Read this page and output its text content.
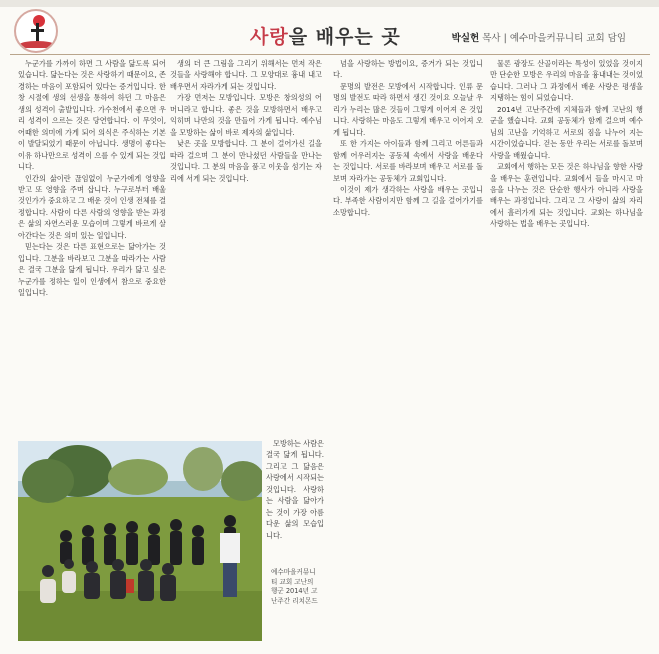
사랑을 배우는 곳	박실헌 목사 | 예수마을커뮤니티 교회 담임

누군가를 가까이 하면 그 사람을 닮도록 되어 있습니다. 닮는다는 것은 사랑하기 때문이요, 존경하는 마음이 포함되어 있다는 증거입니다. 한창 시절에 생의 선생을 통하여 하던 그 마음은 생의 성격이 출발입니다. 가수천에서 좋으면 우리 성격이 으르는 것은 당연합니다. 이 무엇이, 어때한 의미에 가게 되어 의식은 주식하는 기본이 발달되었기 때문이 아닙니다. 생명이 좋다는 이유 하나만으로 성격이 으를 수 있게 되는 것입니다.

인간의 삶이란 끊임없이 누군가에게 영향을 받고 또 영향을 주며 삽니다. 누구로부터 배울 것인가가 중요하고 그 배운 것이 인생 전체를 결정합니다. 사람이 다른 사람의 영향을 받는 과정은 삶의 자연스러운 모습이며 그렇게 바르게 살아간다는 것은 의미 있는 일입니다.

믿는다는 것은 다른 표현으로는 닮아가는 것입니다. 그분을 바라보고 그분을 따라가는 사람은 결국 그분을 닮게 됩니다. 우리가 닮고 싶은 누군가를 정하는 일이 인생에서 참으로 중요한 일입니다.

생의 더 큰 그림을 그리기 위해서는 먼저 작은 것들을 사랑해야 합니다. 그 모양대로 흉내 내고 배우면서 자라가게 되는 것입니다.

가장 먼저는 모방입니다. 모방은 창의성의 어머니라고 합니다. 좋은 것을 모방하면서 배우고 익히며 나만의 것을 만들어 가게 됩니다. 예수님을 모방하는 삶이 바로 제자의 삶입니다.

낮은 곳을 모방합니다. 그 분이 걸어가신 길을 따라 걸으며 그 분이 만나셨던 사람들을 만나는 것입니다. 그 분의 마음을 품고 이웃을 섬기는 자리에 서게 되는 것입니다.

모방하는 사람은 결국 닮게 됩니다. 그리고 그 닮음은 사랑에서 시작되는 것입니다. 사랑하는 사람을 닮아가는 것이 가장 아름다운 삶의 모습입니다.

예수마을커뮤니티 교회 고난의 행군 2014년 고난주간 리치몬드

넘을 사랑하는 방법이요, 증거가 되는 것입니다.

문명의 발전은 모방에서 시작합니다. 인류 문명의 발전도 따라 하면서 생긴 것이요 오늘날 우리가 누리는 많은 것들이 그렇게 이어져 온 것입니다. 사랑하는 마음도 그렇게 배우고 이어져 오게 됩니다.

또 한 가지는 아이들과 함께 그리고 어른들과 함께 어우러지는 공동체 속에서 사랑을 배운다는 것입니다. 서로를 바라보며 배우고 서로를 돌보며 자라가는 공동체가 교회입니다.

이것이 제가 생각하는 사랑을 배우는 곳입니다. 부족한 사람이지만 함께 그 길을 걸어가기를 소망합니다.

물론 광장도 산골이라는 특성이 있었을 것이지만 단순한 모방은 우리의 마음을 흉내내는 것이었습니다. 그러나 그 과정에서 배운 사랑은 평생을 지탱하는 힘이 되었습니다.

2014년 고난주간에 지체들과 함께 고난의 행군을 했습니다. 교회 공동체가 함께 걸으며 예수님의 고난을 기억하고 서로의 짐을 나누어 지는 시간이었습니다. 걷는 동안 우리는 서로를 돌보며 사랑을 배웠습니다.

교회에서 행하는 모든 것은 하나님을 향한 사랑을 배우는 훈련입니다. 교회에서 들을 마시고 마음을 나누는 것은 단순한 행사가 아니라 사랑을 배우는 과정입니다. 그리고 그 사랑이 삶의 자리에서 흘러가게 되는 것입니다. 교회는 하나님을 사랑하는 법을 배우는 곳입니다.
